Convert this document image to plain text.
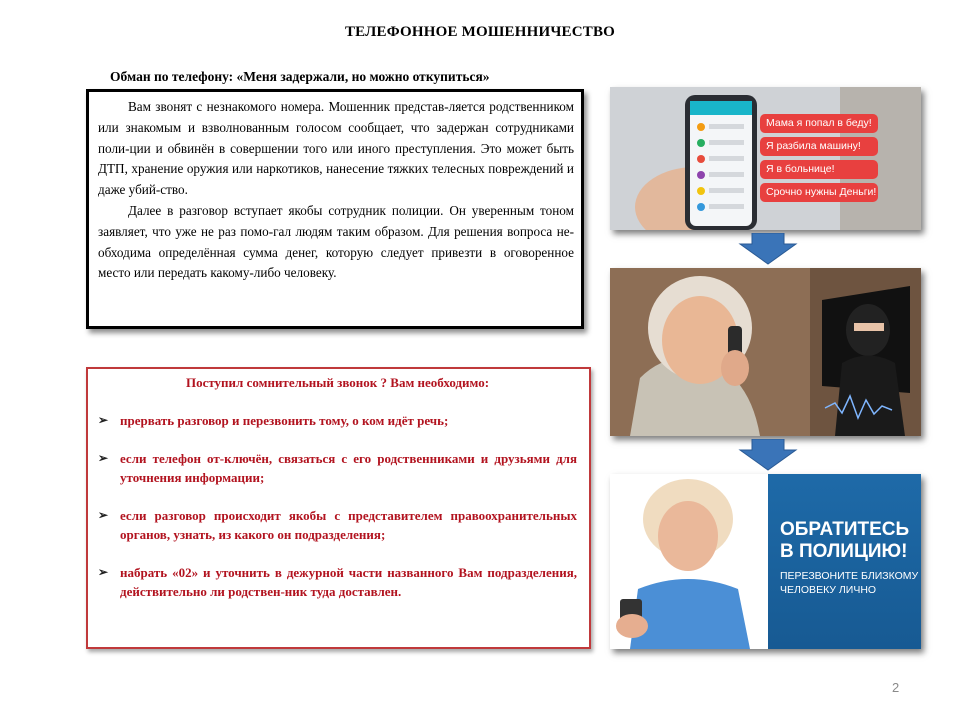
ТЕЛЕФОННОЕ МОШЕННИЧЕСТВО
Обман по телефону: «Меня задержали, но можно откупиться»

Вам звонят с незнакомого номера. Мошенник представ-ляется родственником или знакомым и взволнованным голосом сообщает, что задержан сотрудниками поли-ции и обвинён в совершении того или иного преступления. Это может быть ДТП, хранение оружия или наркотиков, нанесение тяжких телесных повреждений и даже убий-ство.

Далее в разговор вступает якобы сотрудник полиции. Он уверенным тоном заявляет, что уже не раз помо-гал людям таким образом. Для решения вопроса не-обходима определённая сумма денег, которую следует привезти в оговоренное место или передать какому-либо человеку.

Поступил сомнительный звонок ? Вам необходимо:
➢ прервать разговор и перезвонить тому, о ком идёт речь;
➢ если телефон от-ключён, связаться с его родственниками и друзьями для уточнения информации;
➢ если разговор происходит якобы с представителем правоохранительных органов, узнать, из какого он подразделения;
➢ набрать «02» и уточнить в дежурной части названного Вам подразделения, действительно ли родствен-ник туда доставлен.
Мама я попал в беду!
Я разбила машину!
Я в больнице!
Срочно нужны Деньги!
ОБРАТИТЕСЬ В ПОЛИЦИЮ!
ПЕРЕЗВОНИТЕ БЛИЗКОМУ ЧЕЛОВЕКУ ЛИЧНО
2
